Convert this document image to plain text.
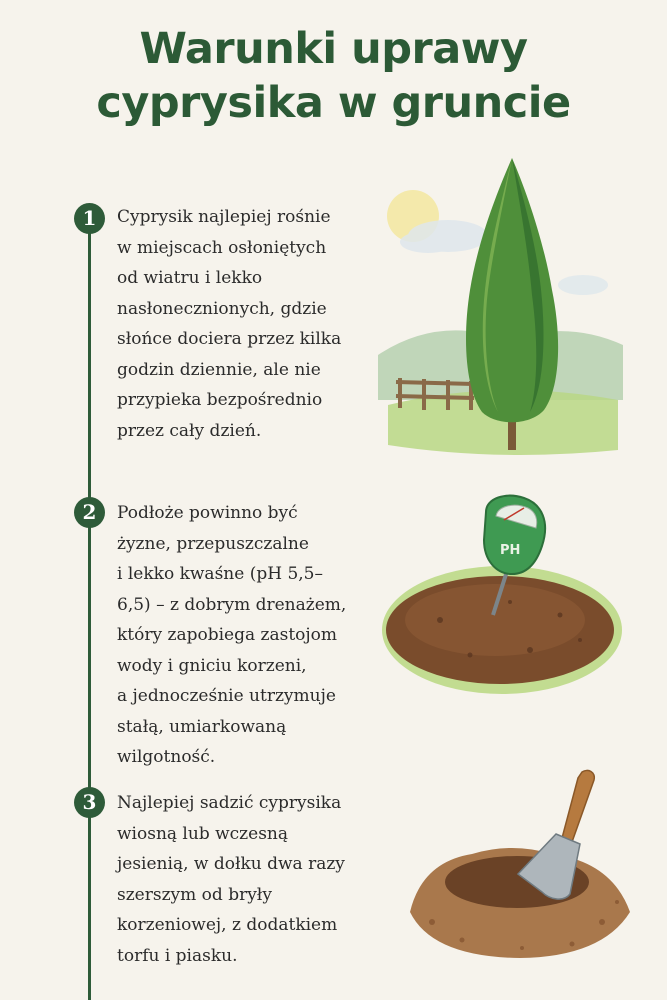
Warunki uprawy
cyprysika w gruncie
1	Cyprysik najlepiej rośnie
w miejscach osłoniętych
od wiatru i lekko
nasłonecznionych, gdzie
słońce dociera przez kilka
godzin dziennie, ale nie
przypieka bezpośrednio
przez cały dzień.
2	Podłoże powinno być
żyzne, przepuszczalne
i lekko kwaśne (pH 5,5–
6,5) – z dobrym drenażem,
który zapobiega zastojom
wody i gniciu korzeni,
a jednocześnie utrzymuje
stałą, umiarkowaną
wilgotność.
3	Najlepiej sadzić cyprysika
wiosną lub wczesną
jesienią, w dołku dwa razy
szerszym od bryły
korzeniowej, z dodatkiem
torfu i piasku.
PH
